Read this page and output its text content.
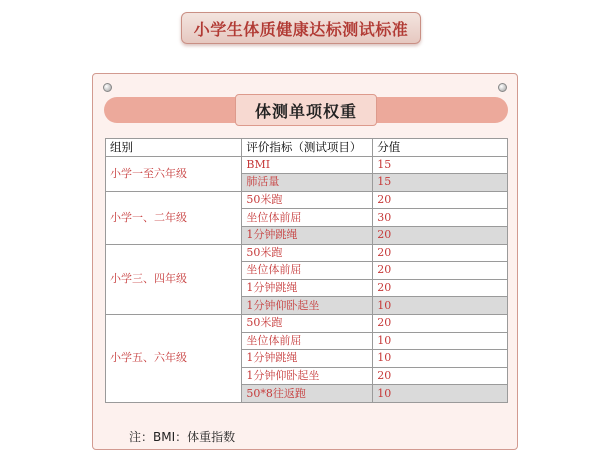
小学生体质健康达标测试标准
体测单项权重
组别	评价指标（测试项目）	分值
小学一至六年级	BMI	15
	肺活量	15
小学一、二年级	50米跑	20
	坐位体前屈	30
	1分钟跳绳	20
小学三、四年级	50米跑	20
	坐位体前屈	20
	1分钟跳绳	20
	1分钟仰卧起坐	10
小学五、六年级	50米跑	20
	坐位体前屈	10
	1分钟跳绳	10
	1分钟仰卧起坐	20
	50*8往返跑	10
注：BMI：体重指数
